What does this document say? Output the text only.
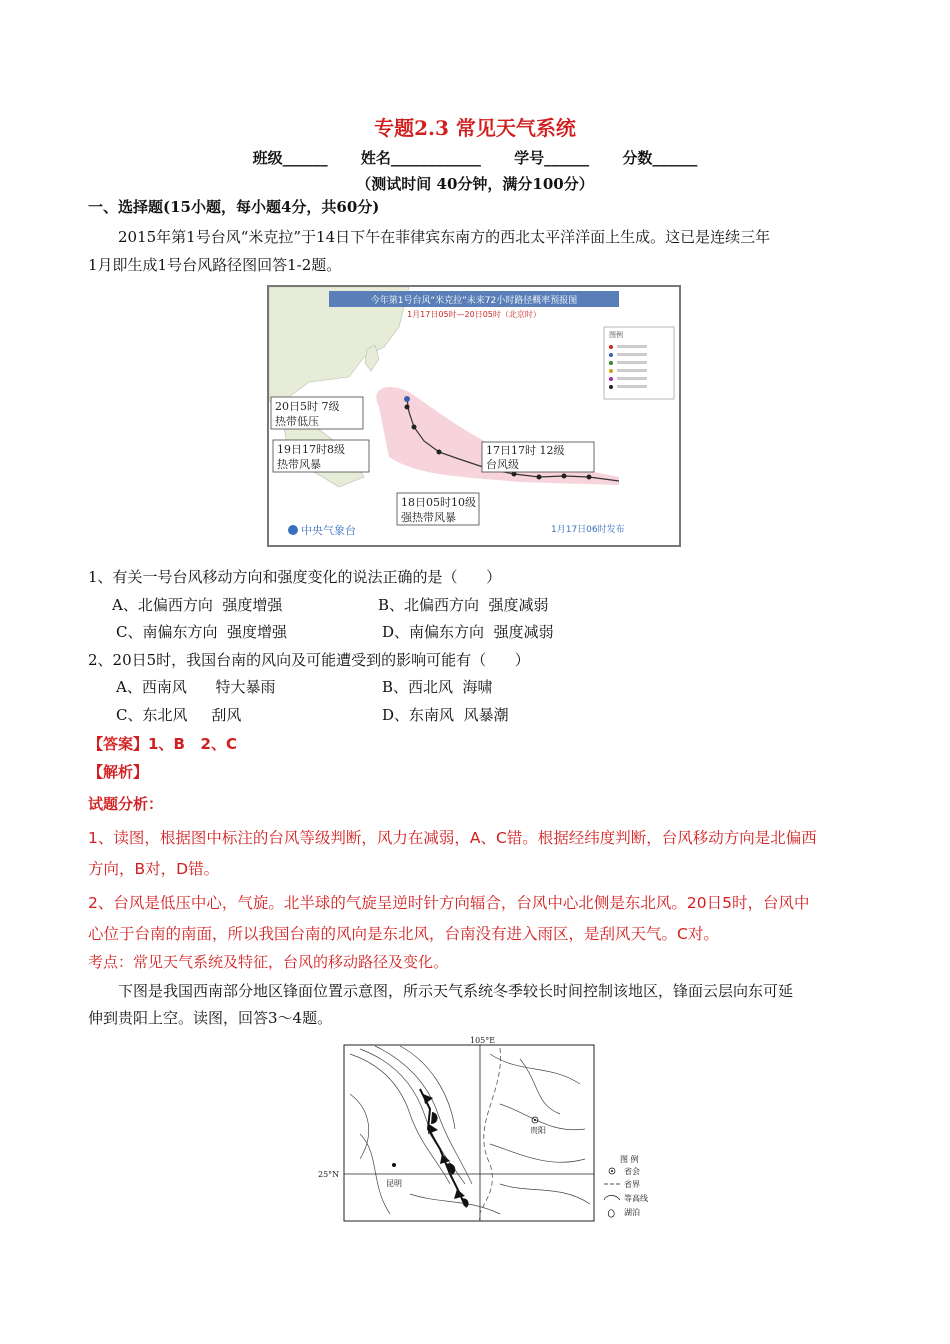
专题2.3 常见天气系统
班级______ 姓名____________ 学号______ 分数______
（测试时间 40分钟，满分100分）
一、选择题(15小题，每小题4分，共60分)
2015年第1号台风“米克拉”于14日下午在菲律宾东南方的西北太平洋洋面上生成。这已是连续三年
1月即生成1号台风路径图回答1-2题。
今年第1号台风“米克拉”未来72小时路径概率预报图
1月17日05时—20日05时（北京时）
20日5时 7级
热带低压
19日17时8级
热带风暴
17日17时 12级
台风级
18日05时10级
强热带风暴
图例
中央气象台	1月17日06时发布
1、有关一号台风移动方向和强度变化的说法正确的是（      ）
A、北偏西方向  强度增强	B、北偏西方向  强度减弱
C、南偏东方向  强度增强	D、南偏东方向  强度减弱
2、20日5时，我国台南的风向及可能遭受到的影响可能有（      ）
A、西南风      特大暴雨	B、西北风  海啸
C、东北风     刮风	D、东南风  风暴潮
【答案】1、B   2、C
【解析】
试题分析：
1、读图，根据图中标注的台风等级判断，风力在减弱，A、C错。根据经纬度判断，台风移动方向是北偏西
方向，B对，D错。
2、台风是低压中心，气旋。北半球的气旋呈逆时针方向辐合，台风中心北侧是东北风。20日5时，台风中
心位于台南的南面，所以我国台南的风向是东北风，台南没有进入雨区，是刮风天气。C对。
考点：常见天气系统及特征，台风的移动路径及变化。
下图是我国西南部分地区锋面位置示意图，所示天气系统冬季较长时间控制该地区，锋面云层向东可延
伸到贵阳上空。读图，回答3～4题。
105°E
25°N
贵阳
昆明
图 例
省会
省界
等高线
湖泊
